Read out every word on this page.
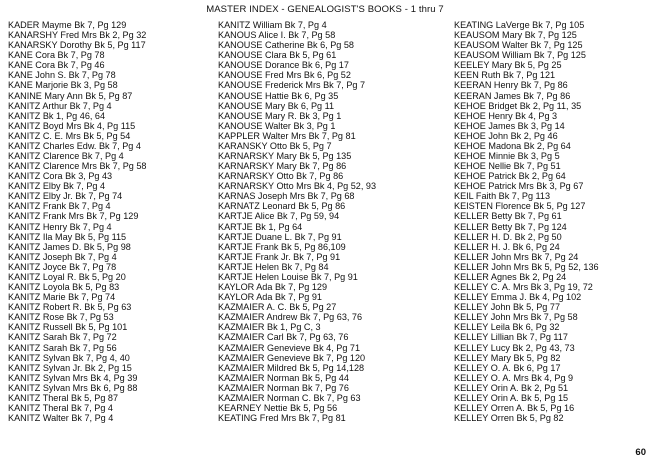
MASTER INDEX - GENEALOGIST'S BOOKS - 1 thru 7
KADER Mayme Bk 7, Pg 129
KANARSHY Fred Mrs Bk 2, Pg 32
KANARSKY Dorothy Bk 5, Pg 117
KANE Cora Bk 7, Pg 78
KANE Cora Bk 7, Pg 46
KANE John S. Bk 7, Pg 78
KANE Marjorie Bk 3, Pg 58
KANINE Mary Ann Bk 5, Pg 87
KANITZ Arthur Bk 7, Pg 4
KANITZ Bk 1, Pg 46, 64
KANITZ Boyd Mrs Bk 4, Pg 115
KANITZ C. E. Mrs Bk 5, Pg 54
KANITZ Charles Edw. Bk 7, Pg 4
KANITZ Clarence Bk 7, Pg 4
KANITZ Clarence Mrs Bk 7, Pg 58
KANITZ Cora Bk 3, Pg 43
KANITZ Elby Bk 7, Pg 4
KANITZ Elby Jr. Bk 7, Pg 74
KANITZ Frank Bk 7, Pg 4
KANITZ Frank Mrs Bk 7, Pg 129
KANITZ Henry Bk 7, Pg 4
KANITZ Ila May Bk 5, Pg 115
KANITZ James D. Bk 5, Pg 98
KANITZ Joseph Bk 7, Pg 4
KANITZ Joyce Bk 7, Pg 78
KANITZ Loyal R. Bk 5, Pg 20
KANITZ Loyola Bk 5, Pg 83
KANITZ Marie Bk 7, Pg 74
KANITZ Robert R. Bk 5, Pg 63
KANITZ Rose Bk 7, Pg 53
KANITZ Russell Bk 5, Pg 101
KANITZ Sarah Bk 7, Pg 72
KANITZ Sarah Bk 7, Pg 56
KANITZ Sylvan Bk 7, Pg 4, 40
KANITZ Sylvan Jr. Bk 2, Pg 15
KANITZ Sylvan Mrs Bk 4, Pg 39
KANITZ Sylvan Mrs Bk 6, Pg 88
KANITZ Theral Bk 5, Pg 87
KANITZ Theral Bk 7, Pg 4
KANITZ Walter Bk 7, Pg 4
KANITZ William Bk 7, Pg 4
KANOUS Alice I. Bk 7, Pg 58
KANOUSE Catherine Bk 6, Pg 58
KANOUSE Clara Bk 5, Pg 61
KANOUSE Dorance Bk 6, Pg 17
KANOUSE Fred Mrs Bk 6, Pg 52
KANOUSE Frederick Mrs Bk 7, Pg 7
KANOUSE Hattie Bk 6, Pg 35
KANOUSE Mary Bk 6, Pg 11
KANOUSE Mary R. Bk 3, Pg 1
KANOUSE Walter Bk 3, Pg 1
KAPPLER Walter Mrs Bk 7, Pg 81
KARANSKY Otto Bk 5, Pg 7
KARNARSKY Mary Bk 5, Pg 135
KARNARSKY Mary Bk 7, Pg 86
KARNARSKY Otto Bk 7, Pg 86
KARNARSKY Otto Mrs Bk 4, Pg 52, 93
KARNAS Joseph Mrs Bk 7, Pg 68
KARNATZ Leonard Bk 5, Pg 86
KARTJE Alice Bk 7, Pg 59, 94
KARTJE Bk 1, Pg 64
KARTJE Duane L. Bk 7, Pg 91
KARTJE Frank Bk 5, Pg 86,109
KARTJE Frank Jr. Bk 7, Pg 91
KARTJE Helen Bk 7, Pg 84
KARTJE Helen Louise Bk 7, Pg 91
KAYLOR Ada Bk 7, Pg 129
KAYLOR Ada Bk 7, Pg 91
KAZMAIER A. C. Bk 5, Pg 27
KAZMAIER Andrew Bk 7, Pg 63, 76
KAZMAIER Bk 1, Pg C, 3
KAZMAIER Carl Bk 7, Pg 63, 76
KAZMAIER Genevieve Bk 4, Pg 71
KAZMAIER Genevieve Bk 7, Pg 120
KAZMAIER Mildred Bk 5, Pg 14,128
KAZMAIER Norman Bk 5, Pg 44
KAZMAIER Norman Bk 7, Pg 76
KAZMAIER Norman C. Bk 7, Pg 63
KEARNEY Nettie Bk 5, Pg 56
KEATING Fred Mrs Bk 7, Pg 81
KEATING LaVerge Bk 7, Pg 105
KEAUSOM Mary Bk 7, Pg 125
KEAUSOM Walter Bk 7, Pg 125
KEAUSOM William Bk 7, Pg 125
KEELEY Mary Bk 5, Pg 25
KEEN Ruth Bk 7, Pg 121
KEERAN Henry Bk 7, Pg 86
KEERAN James Bk 7, Pg 86
KEHOE Bridget Bk 2, Pg 11, 35
KEHOE Henry Bk 4, Pg 3
KEHOE James Bk 3, Pg 14
KEHOE John Bk 2, Pg 46
KEHOE Madona Bk 2, Pg 64
KEHOE Minnie Bk 3, Pg 5
KEHOE Nellie Bk 7, Pg 51
KEHOE Patrick Bk 2, Pg 64
KEHOE Patrick Mrs Bk 3, Pg 67
KEIL Faith Bk 7, Pg 113
KEISTEN Florence Bk 5, Pg 127
KELLER Betty Bk 7, Pg 61
KELLER Betty Bk 7, Pg 124
KELLER H. D. Bk 2, Pg 50
KELLER H. J. Bk 6, Pg 24
KELLER John Mrs Bk 7, Pg 24
KELLER John Mrs Bk 5, Pg 52, 136
KELLER Agnes Bk 2, Pg 24
KELLEY C. A. Mrs Bk 3, Pg 19, 72
KELLEY Emma J. Bk 4, Pg 102
KELLEY John Bk 5, Pg 77
KELLEY John Mrs Bk 7, Pg 58
KELLEY Leila Bk 6, Pg 32
KELLEY Lillian Bk 7, Pg 117
KELLEY Lucy Bk 2, Pg 43, 73
KELLEY Mary Bk 5, Pg 82
KELLEY O. A. Bk 6, Pg 17
KELLEY O. A. Mrs Bk 4, Pg 9
KELLEY Orin A. Bk 2, Pg 51
KELLEY Orin A. Bk 5, Pg 15
KELLEY Orren A. Bk 5, Pg 16
KELLEY Orren Bk 5, Pg 82
60
